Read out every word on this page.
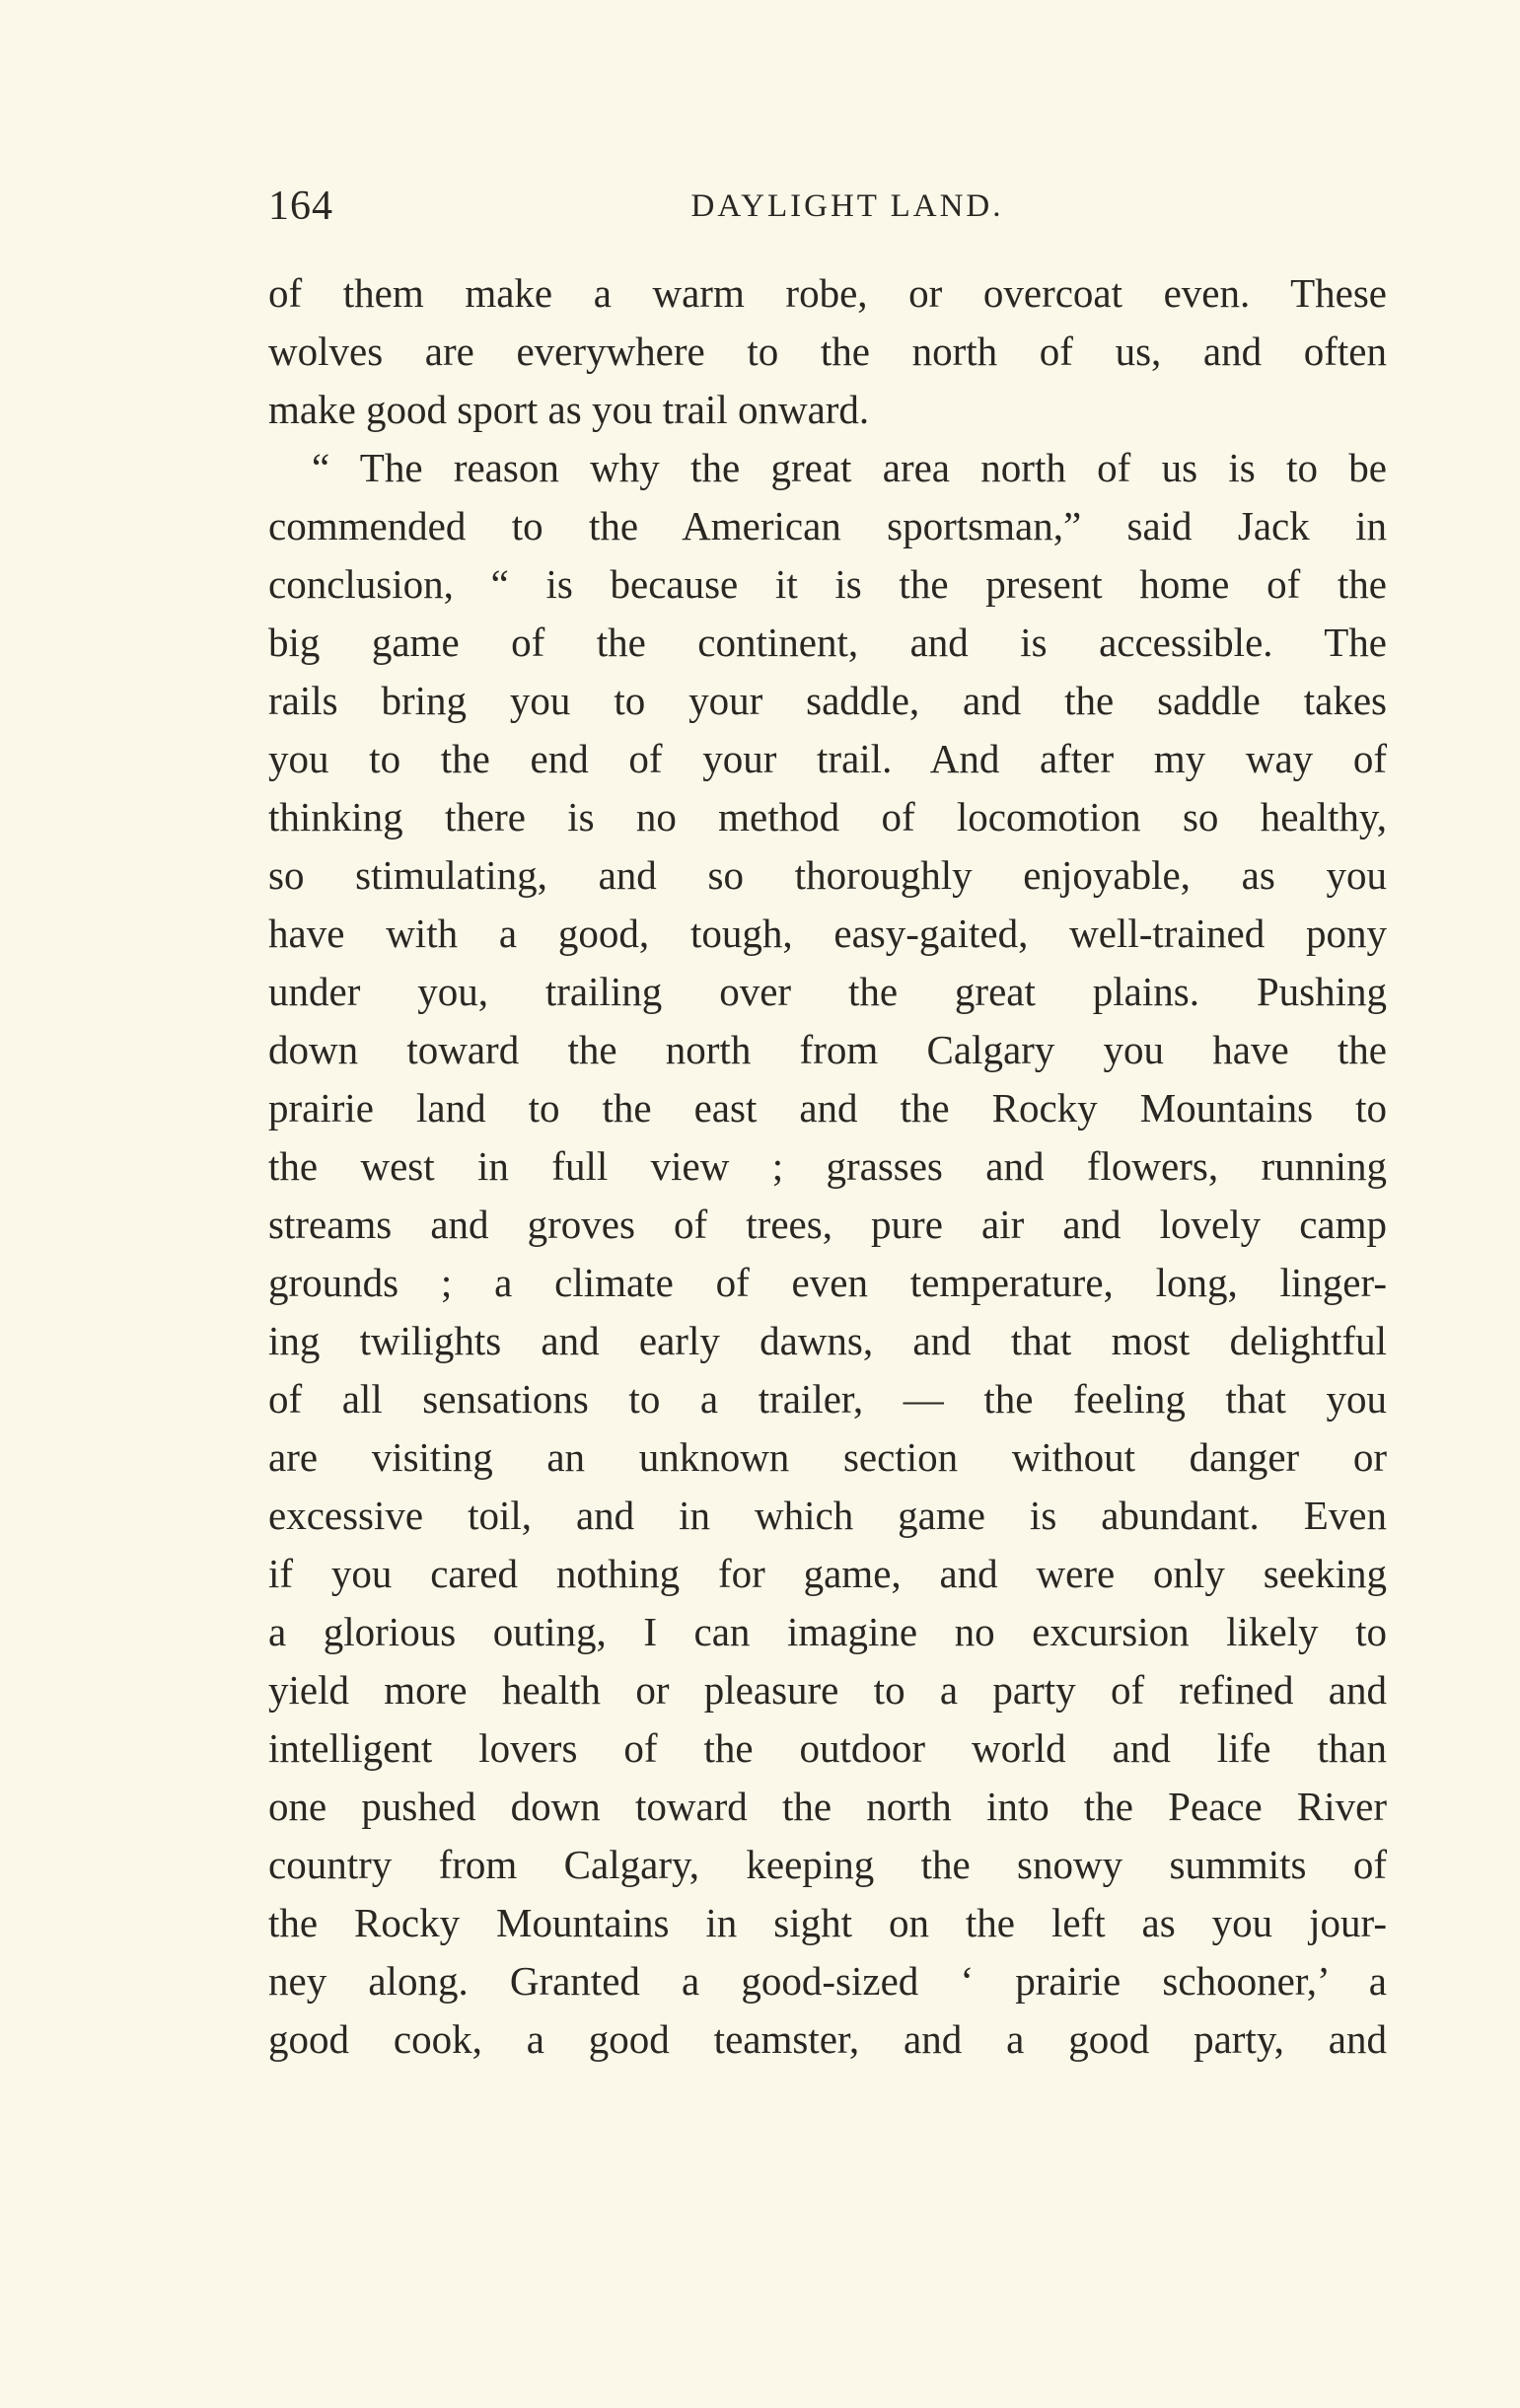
164	DAYLIGHT LAND.
of them make a warm robe, or overcoat even. These
wolves are everywhere to the north of us, and often
make good sport as you trail onward.
“ The reason why the great area north of us is to be
commended to the American sportsman,” said Jack in
conclusion, “ is because it is the present home of the
big game of the continent, and is accessible. The
rails bring you to your saddle, and the saddle takes
you to the end of your trail. And after my way of
thinking there is no method of locomotion so healthy,
so stimulating, and so thoroughly enjoyable, as you
have with a good, tough, easy-gaited, well-trained pony
under you, trailing over the great plains. Pushing
down toward the north from Calgary you have the
prairie land to the east and the Rocky Mountains to
the west in full view ; grasses and flowers, running
streams and groves of trees, pure air and lovely camp
grounds ; a climate of even temperature, long, linger-
ing twilights and early dawns, and that most delightful
of all sensations to a trailer, — the feeling that you
are visiting an unknown section without danger or
excessive toil, and in which game is abundant. Even
if you cared nothing for game, and were only seeking
a glorious outing, I can imagine no excursion likely to
yield more health or pleasure to a party of refined and
intelligent lovers of the outdoor world and life than
one pushed down toward the north into the Peace River
country from Calgary, keeping the snowy summits of
the Rocky Mountains in sight on the left as you jour-
ney along. Granted a good-sized ‘ prairie schooner,’ a
good cook, a good teamster, and a good party, and
